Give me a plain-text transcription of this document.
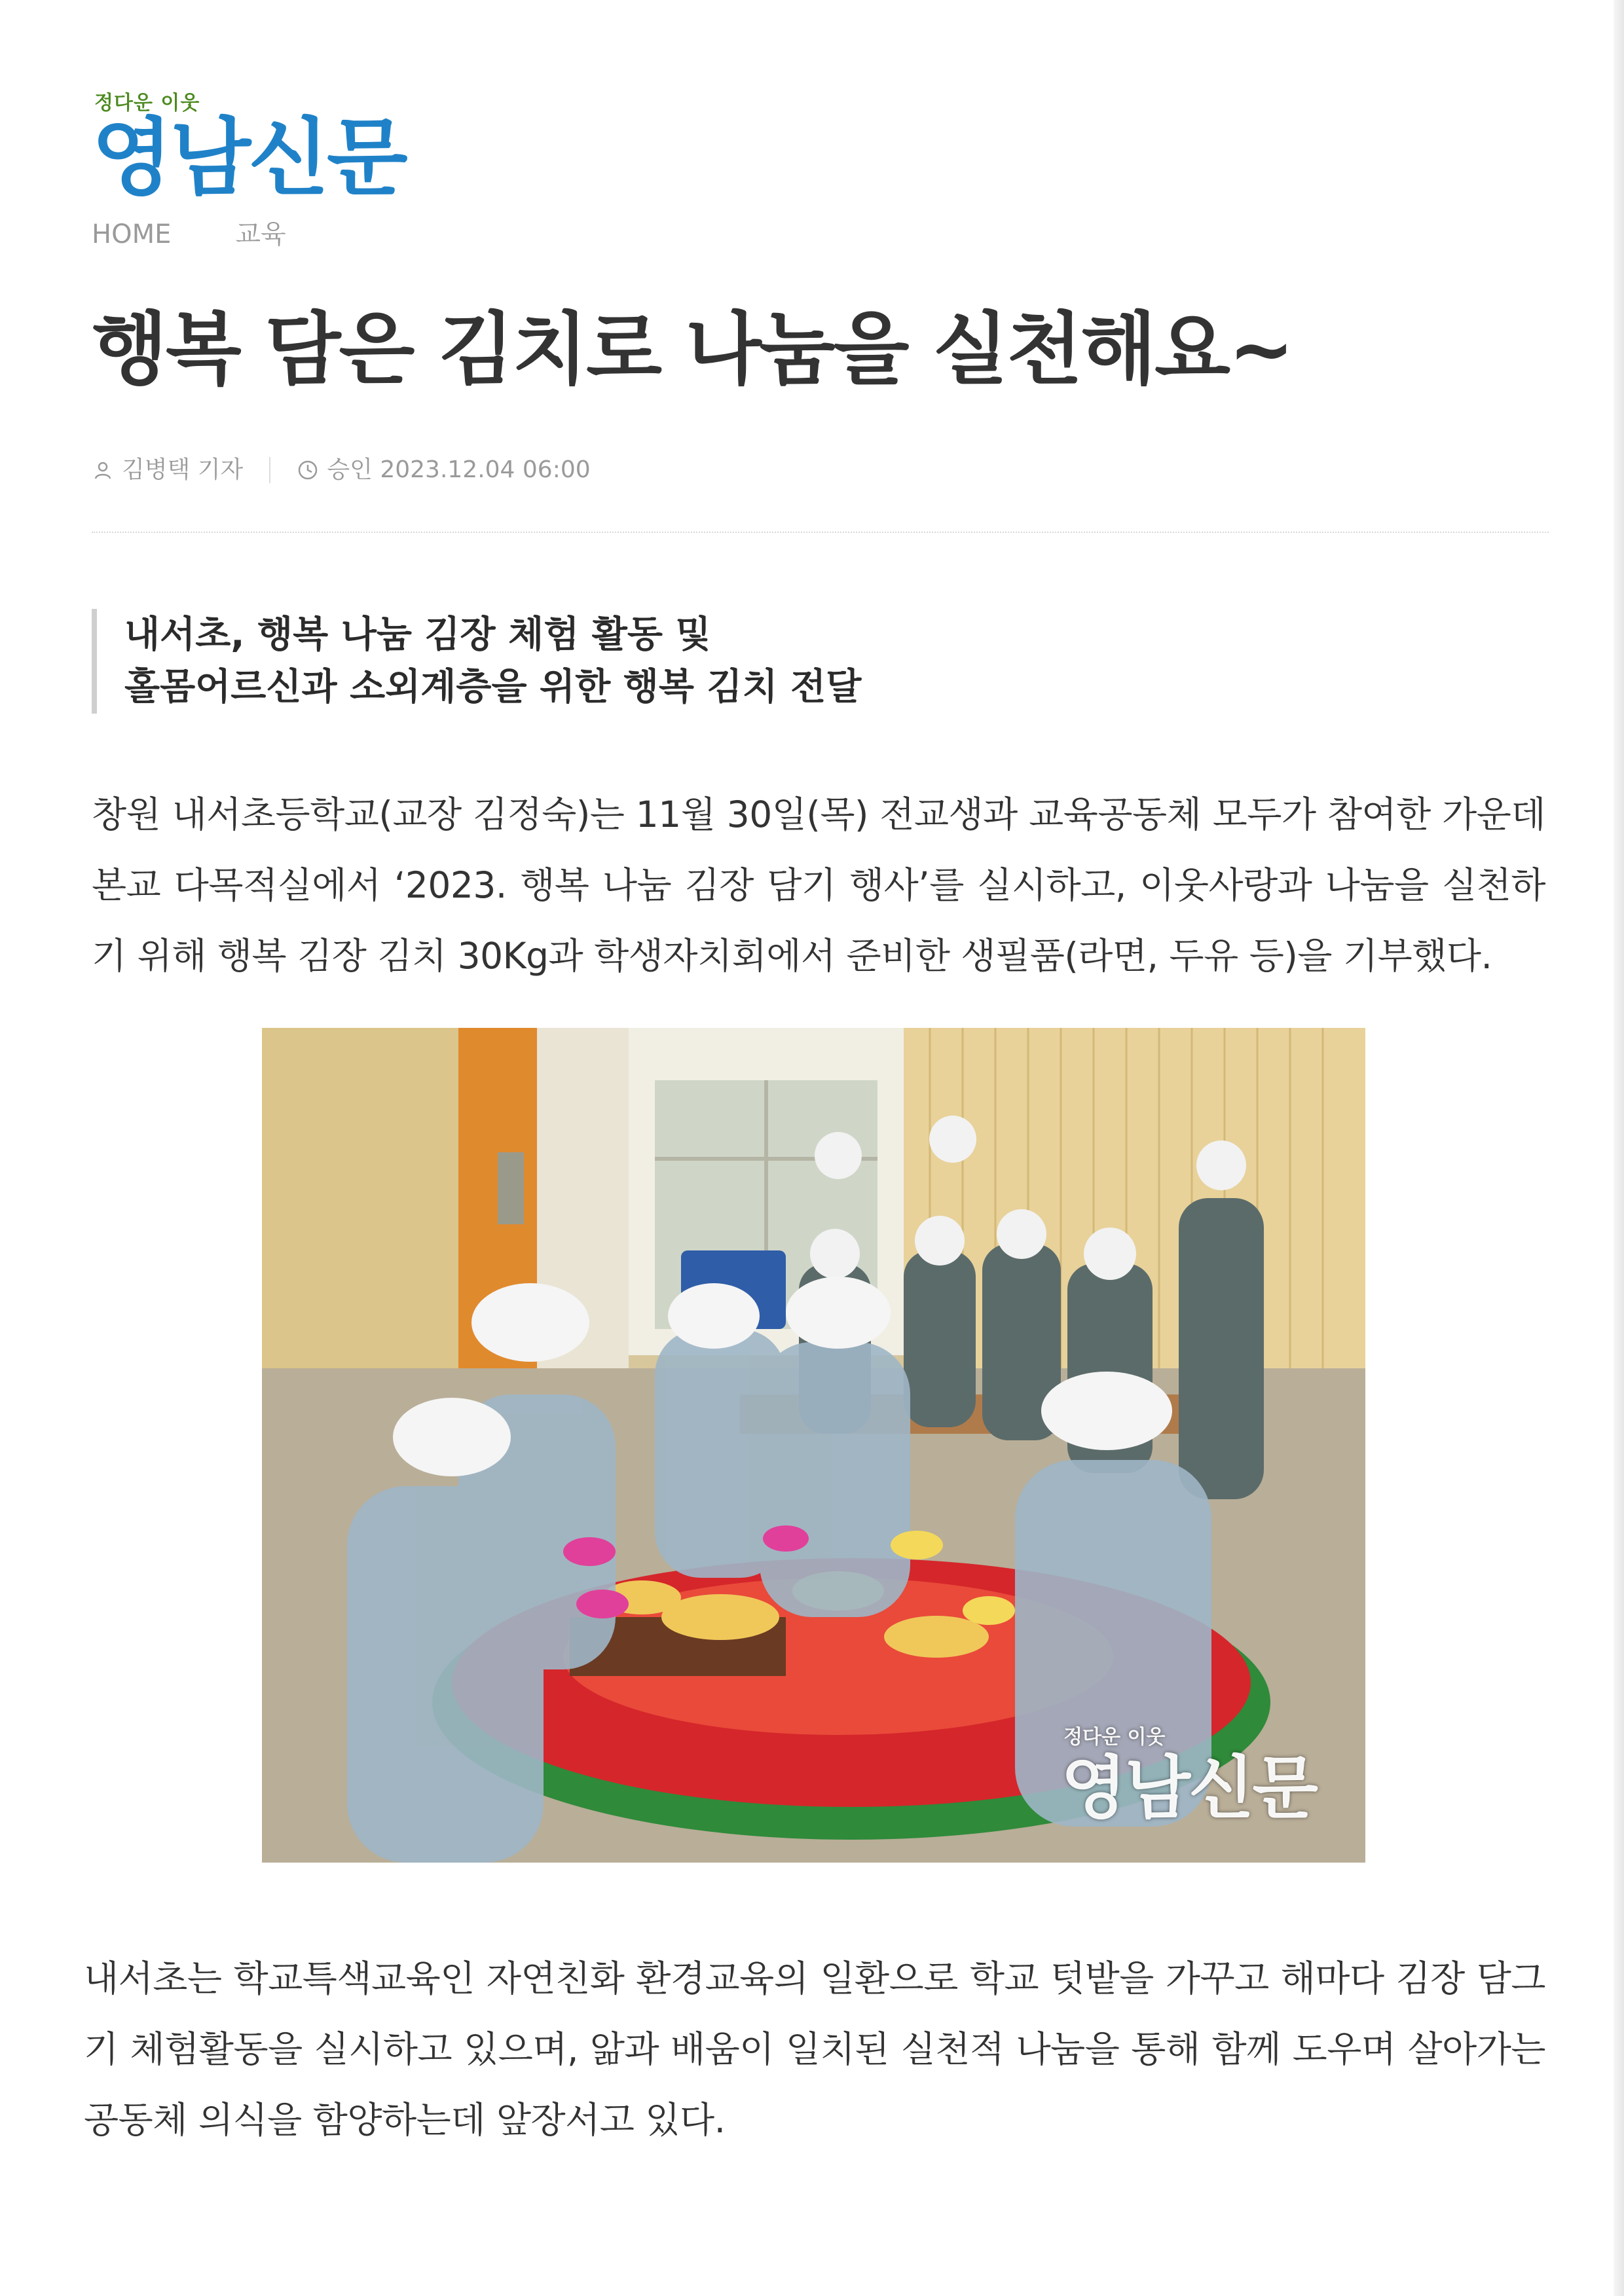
정다운 이웃
영남신문
HOME 교육
행복 담은 김치로 나눔을 실천해요~
김병택 기자	승인 2023.12.04 06:00
내서초, 행복 나눔 김장 체험 활동 및
홀몸어르신과 소외계층을 위한 행복 김치 전달

창원 내서초등학교(교장 김정숙)는 11월 30일(목) 전교생과 교육공동체 모두가 참여한 가운데 본교 다목적실에서 ‘2023. 행복 나눔 김장 담기 행사’를 실시하고, 이웃사랑과 나눔을 실천하기 위해 행복 김장 김치 30Kg과 학생자치회에서 준비한 생필품(라면, 두유 등)을 기부했다.

정다운 이웃
영남신문

내서초는 학교특색교육인 자연친화 환경교육의 일환으로 학교 텃밭을 가꾸고 해마다 김장 담그기 체험활동을 실시하고 있으며, 앎과 배움이 일치된 실천적 나눔을 통해 함께 도우며 살아가는 공동체 의식을 함양하는데 앞장서고 있다.
